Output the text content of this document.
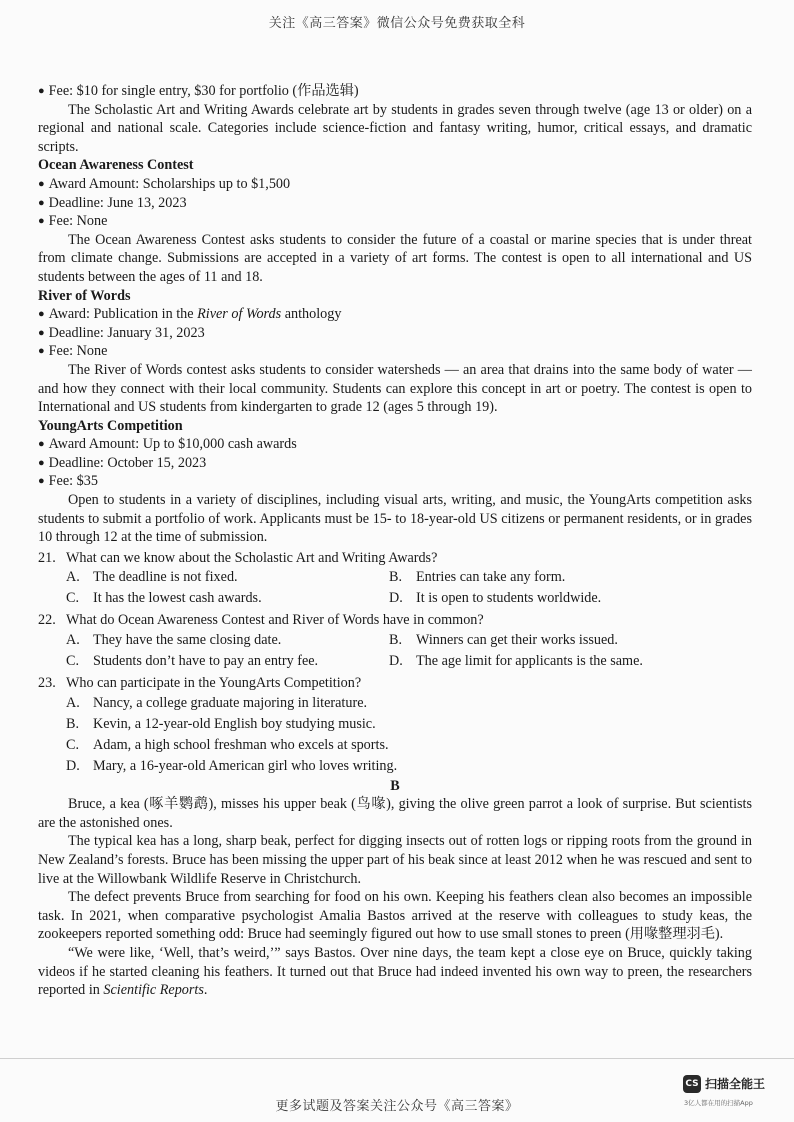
关注《高三答案》微信公众号免费获取全科

● Fee: $10 for single entry, $30 for portfolio (作品选辑)

The Scholastic Art and Writing Awards celebrate art by students in grades seven through twelve (age 13 or older) on a regional and national scale. Categories include science-fiction and fantasy writing, humor, critical essays, and dramatic scripts.

Ocean Awareness Contest

● Award Amount: Scholarships up to $1,500

● Deadline: June 13, 2023

● Fee: None

The Ocean Awareness Contest asks students to consider the future of a coastal or marine species that is under threat from climate change. Submissions are accepted in a variety of art forms. The contest is open to all international and US students between the ages of 11 and 18.

River of Words

● Award: Publication in the River of Words anthology

● Deadline: January 31, 2023

● Fee: None

The River of Words contest asks students to consider watersheds — an area that drains into the same body of water — and how they connect with their local community. Students can explore this concept in art or poetry. The contest is open to International and US students from kindergarten to grade 12 (ages 5 through 19).

YoungArts Competition

● Award Amount: Up to $10,000 cash awards

● Deadline: October 15, 2023

● Fee: $35

Open to students in a variety of disciplines, including visual arts, writing, and music, the YoungArts competition asks students to submit a portfolio of work. Applicants must be 15- to 18-year-old US citizens or permanent residents, or in grades 10 through 12 at the time of submission.

21. What can we know about the Scholastic Art and Writing Awards?

A. The deadline is not fixed.	B. Entries can take any form.
C. It has the lowest cash awards.	D. It is open to students worldwide.

22. What do Ocean Awareness Contest and River of Words have in common?

A. They have the same closing date.	B. Winners can get their works issued.
C. Students don’t have to pay an entry fee.	D. The age limit for applicants is the same.

23. Who can participate in the YoungArts Competition?

A. Nancy, a college graduate majoring in literature.
B. Kevin, a 12-year-old English boy studying music.
C. Adam, a high school freshman who excels at sports.
D. Mary, a 16-year-old American girl who loves writing.

B

Bruce, a kea (啄羊鹦鹉), misses his upper beak (鸟喙), giving the olive green parrot a look of surprise. But scientists are the astonished ones.

The typical kea has a long, sharp beak, perfect for digging insects out of rotten logs or ripping roots from the ground in New Zealand’s forests. Bruce has been missing the upper part of his beak since at least 2012 when he was rescued and sent to live at the Willowbank Wildlife Reserve in Christchurch.

The defect prevents Bruce from searching for food on his own. Keeping his feathers clean also becomes an impossible task. In 2021, when comparative psychologist Amalia Bastos arrived at the reserve with colleagues to study keas, the zookeepers reported something odd: Bruce had seemingly figured out how to use small stones to preen (用喙整理羽毛).

“We were like, ‘Well, that’s weird,’” says Bastos. Over nine days, the team kept a close eye on Bruce, quickly taking videos if he started cleaning his feathers. It turned out that Bruce had indeed invented his own way to preen, the researchers reported in Scientific Reports.

CS 扫描全能王
3亿人都在用的扫描App
更多试题及答案关注公众号《高三答案》
